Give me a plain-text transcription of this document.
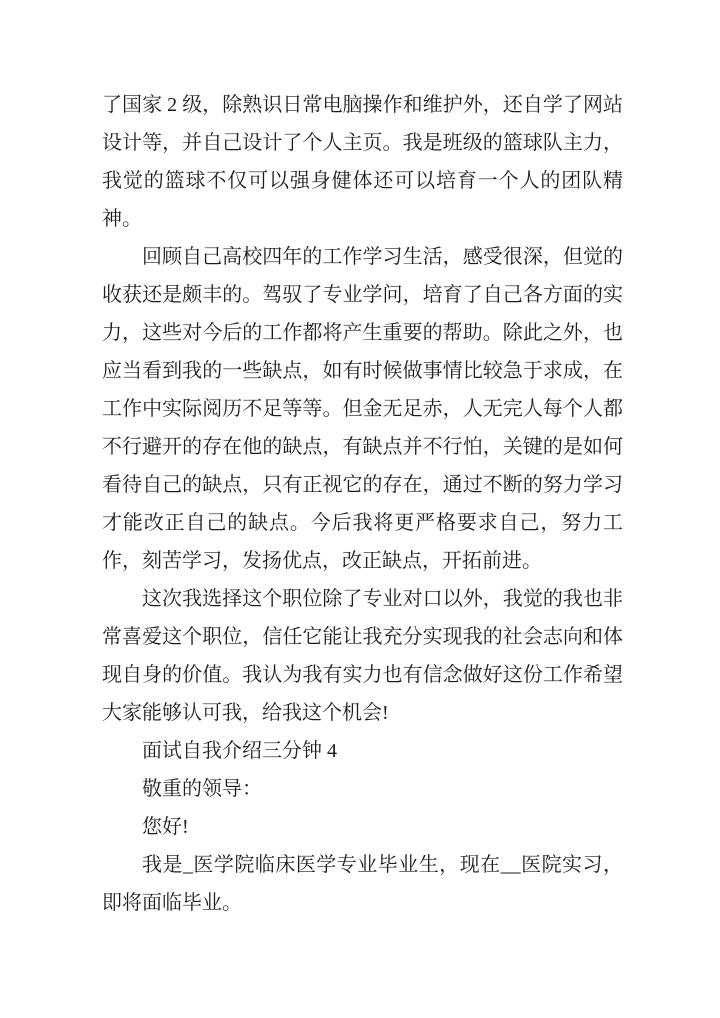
了国家 2 级，除熟识日常电脑操作和维护外，还自学了网站设计等，并自己设计了个人主页。我是班级的篮球队主力，我觉的篮球不仅可以强身健体还可以培育一个人的团队精神。

回顾自己高校四年的工作学习生活，感受很深，但觉的收获还是颇丰的。驾驭了专业学问，培育了自己各方面的实力，这些对今后的工作都将产生重要的帮助。除此之外，也应当看到我的一些缺点，如有时候做事情比较急于求成，在工作中实际阅历不足等等。但金无足赤，人无完人每个人都不行避开的存在他的缺点，有缺点并不行怕，关键的是如何看待自己的缺点，只有正视它的存在，通过不断的努力学习才能改正自己的缺点。今后我将更严格要求自己，努力工作，刻苦学习，发扬优点，改正缺点，开拓前进。

这次我选择这个职位除了专业对口以外，我觉的我也非常喜爱这个职位，信任它能让我充分实现我的社会志向和体现自身的价值。我认为我有实力也有信念做好这份工作希望大家能够认可我，给我这个机会!

面试自我介绍三分钟 4

敬重的领导：

您好!

我是_医学院临床医学专业毕业生，现在__医院实习，即将面临毕业。
